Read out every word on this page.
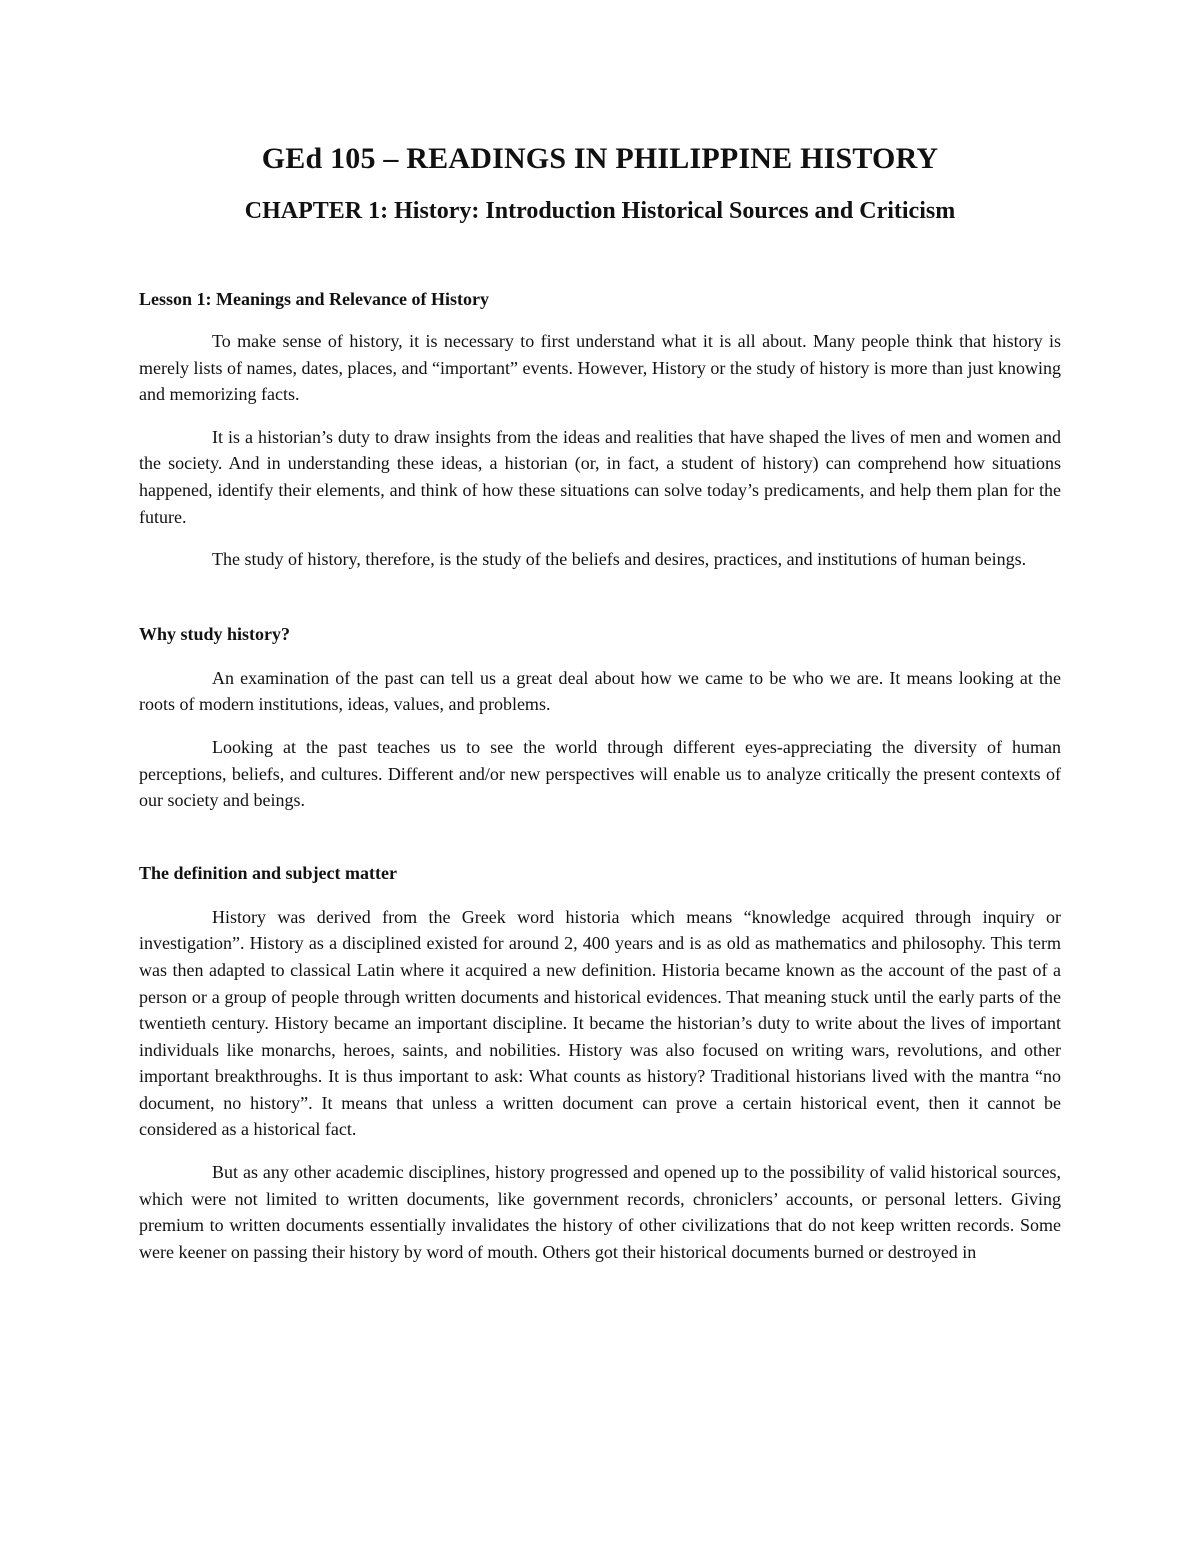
GEd 105 – READINGS IN PHILIPPINE HISTORY
CHAPTER 1: History: Introduction Historical Sources and Criticism
Lesson 1: Meanings and Relevance of History

To make sense of history, it is necessary to first understand what it is all about. Many people think that history is merely lists of names, dates, places, and “important” events. However, History or the study of history is more than just knowing and memorizing facts.

It is a historian’s duty to draw insights from the ideas and realities that have shaped the lives of men and women and the society. And in understanding these ideas, a historian (or, in fact, a student of history) can comprehend how situations happened, identify their elements, and think of how these situations can solve today’s predicaments, and help them plan for the future.

The study of history, therefore, is the study of the beliefs and desires, practices, and institutions of human beings.

Why study history?

An examination of the past can tell us a great deal about how we came to be who we are. It means looking at the roots of modern institutions, ideas, values, and problems.

Looking at the past teaches us to see the world through different eyes-appreciating the diversity of human perceptions, beliefs, and cultures. Different and/or new perspectives will enable us to analyze critically the present contexts of our society and beings.

The definition and subject matter

History was derived from the Greek word historia which means “knowledge acquired through inquiry or investigation”. History as a disciplined existed for around 2, 400 years and is as old as mathematics and philosophy. This term was then adapted to classical Latin where it acquired a new definition. Historia became known as the account of the past of a person or a group of people through written documents and historical evidences. That meaning stuck until the early parts of the twentieth century. History became an important discipline. It became the historian’s duty to write about the lives of important individuals like monarchs, heroes, saints, and nobilities. History was also focused on writing wars, revolutions, and other important breakthroughs. It is thus important to ask: What counts as history? Traditional historians lived with the mantra “no document, no history”. It means that unless a written document can prove a certain historical event, then it cannot be considered as a historical fact.

But as any other academic disciplines, history progressed and opened up to the possibility of valid historical sources, which were not limited to written documents, like government records, chroniclers’ accounts, or personal letters. Giving premium to written documents essentially invalidates the history of other civilizations that do not keep written records. Some were keener on passing their history by word of mouth. Others got their historical documents burned or destroyed in
